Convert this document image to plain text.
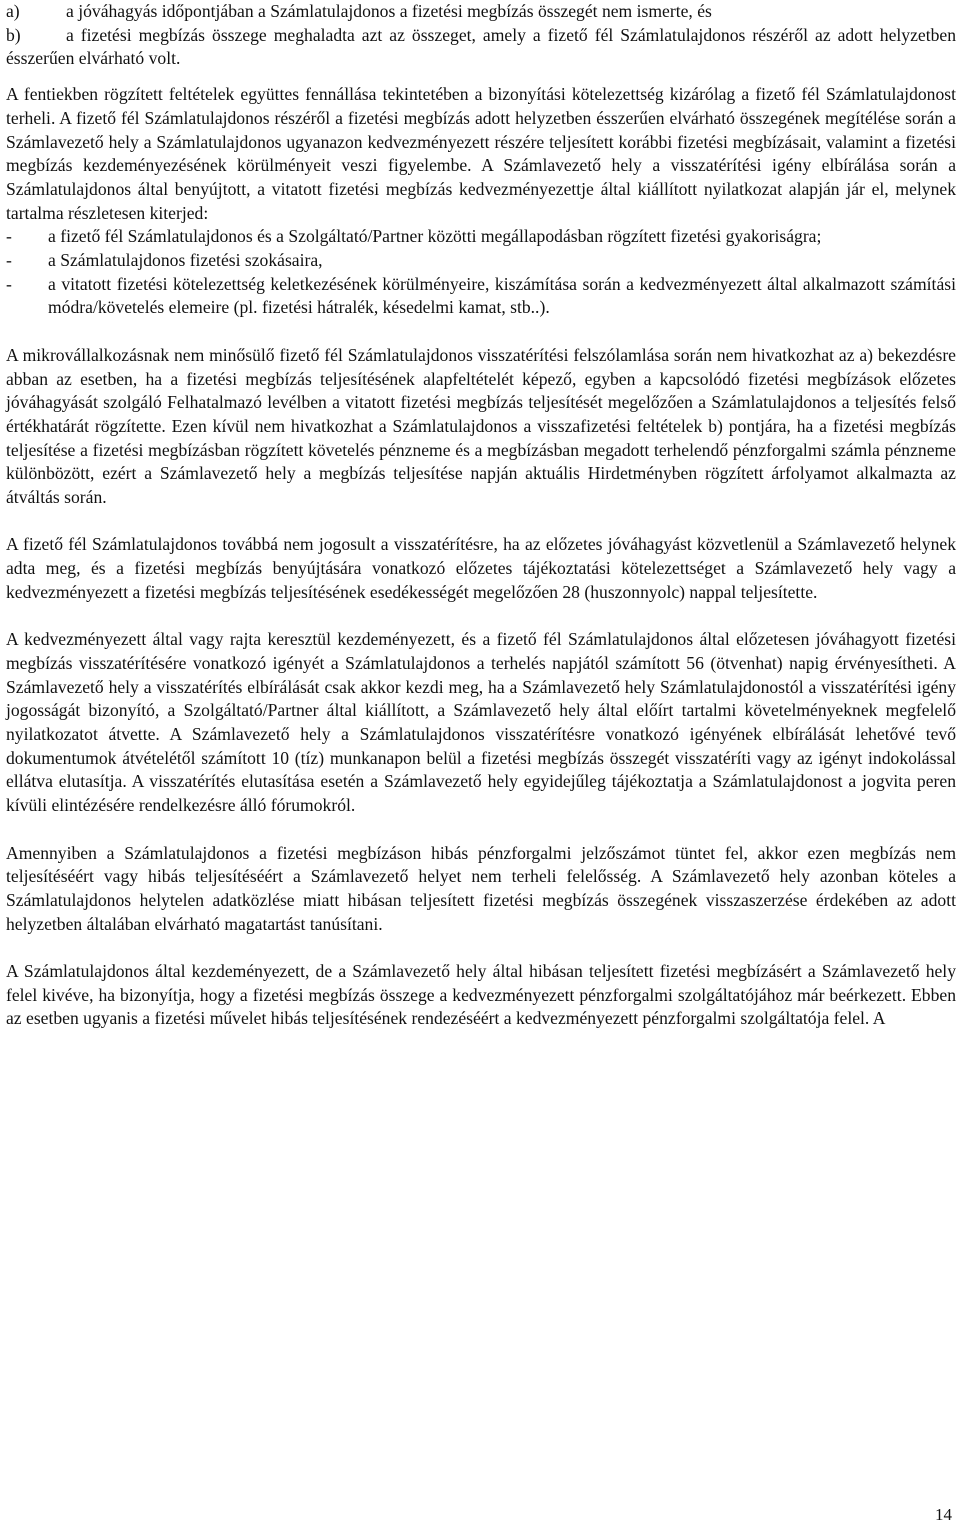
a)	a jóváhagyás időpontjában a Számlatulajdonos a fizetési megbízás összegét nem ismerte, és
b)	a fizetési megbízás összege meghaladta azt az összeget, amely a fizető fél Számlatulajdonos részéről az adott helyzetben ésszerűen elvárható volt.

A fentiekben rögzített feltételek együttes fennállása tekintetében a bizonyítási kötelezettség kizárólag a fizető fél Számlatulajdonost terheli. A fizető fél Számlatulajdonos részéről a fizetési megbízás adott helyzetben ésszerűen elvárható összegének megítélése során a Számlavezető hely a Számlatulajdonos ugyanazon kedvezményezett részére teljesített korábbi fizetési megbízásait, valamint a fizetési megbízás kezdeményezésének körülményeit veszi figyelembe. A Számlavezető hely a visszatérítési igény elbírálása során a Számlatulajdonos által benyújtott, a vitatott fizetési megbízás kedvezményezettje által kiállított nyilatkozat alapján jár el, melynek tartalma részletesen kiterjed:

- a fizető fél Számlatulajdonos és a Szolgáltató/Partner közötti megállapodásban rögzített fizetési gyakoriságra;
- a Számlatulajdonos fizetési szokásaira,
- a vitatott fizetési kötelezettség keletkezésének körülményeire, kiszámítása során a kedvezményezett által alkalmazott számítási módra/követelés elemeire (pl. fizetési hátralék, késedelmi kamat, stb..).

A mikrovállalkozásnak nem minősülő fizető fél Számlatulajdonos visszatérítési felszólamlása során nem hivatkozhat az a) bekezdésre abban az esetben, ha a fizetési megbízás teljesítésének alapfeltételét képező, egyben a kapcsolódó fizetési megbízások előzetes jóváhagyását szolgáló Felhatalmazó levélben a vitatott fizetési megbízás teljesítését megelőzően a Számlatulajdonos a teljesítés felső értékhatárát rögzítette. Ezen kívül nem hivatkozhat a Számlatulajdonos a visszafizetési feltételek b) pontjára, ha a fizetési megbízás teljesítése a fizetési megbízásban rögzített követelés pénzneme és a megbízásban megadott terhelendő pénzforgalmi számla pénzneme különbözött, ezért a Számlavezető hely a megbízás teljesítése napján aktuális Hirdetményben rögzített árfolyamot alkalmazta az átváltás során.

A fizető fél Számlatulajdonos továbbá nem jogosult a visszatérítésre, ha az előzetes jóváhagyást közvetlenül a Számlavezető helynek adta meg, és a fizetési megbízás benyújtására vonatkozó előzetes tájékoztatási kötelezettséget a Számlavezető hely vagy a kedvezményezett a fizetési megbízás teljesítésének esedékességét megelőzően 28 (huszonnyolc) nappal teljesítette.

A kedvezményezett által vagy rajta keresztül kezdeményezett, és a fizető fél Számlatulajdonos által előzetesen jóváhagyott fizetési megbízás visszatérítésére vonatkozó igényét a Számlatulajdonos a terhelés napjától számított 56 (ötvenhat) napig érvényesítheti. A Számlavezető hely a visszatérítés elbírálását csak akkor kezdi meg, ha a Számlavezető hely Számlatulajdonostól a visszatérítési igény jogosságát bizonyító, a Szolgáltató/Partner által kiállított, a Számlavezető hely által előírt tartalmi követelményeknek megfelelő nyilatkozatot átvette. A Számlavezető hely a Számlatulajdonos visszatérítésre vonatkozó igényének elbírálását lehetővé tevő dokumentumok átvételétől számított 10 (tíz) munkanapon belül a fizetési megbízás összegét visszatéríti vagy az igényt indokolással ellátva elutasítja. A visszatérítés elutasítása esetén a Számlavezető hely egyidejűleg tájékoztatja a Számlatulajdonost a jogvita peren kívüli elintézésére rendelkezésre álló fórumokról.

Amennyiben a Számlatulajdonos a fizetési megbízáson hibás pénzforgalmi jelzőszámot tüntet fel, akkor ezen megbízás nem teljesítéséért vagy hibás teljesítéséért a Számlavezető helyet nem terheli felelősség. A Számlavezető hely azonban köteles a Számlatulajdonos helytelen adatközlése miatt hibásan teljesített fizetési megbízás összegének visszaszerzése érdekében az adott helyzetben általában elvárható magatartást tanúsítani.

A Számlatulajdonos által kezdeményezett, de a Számlavezető hely által hibásan teljesített fizetési megbízásért a Számlavezető hely felel kivéve, ha bizonyítja, hogy a fizetési megbízás összege a kedvezményezett pénzforgalmi szolgáltatójához már beérkezett. Ebben az esetben ugyanis a fizetési művelet hibás teljesítésének rendezéséért a kedvezményezett pénzforgalmi szolgáltatója felel. A

14
